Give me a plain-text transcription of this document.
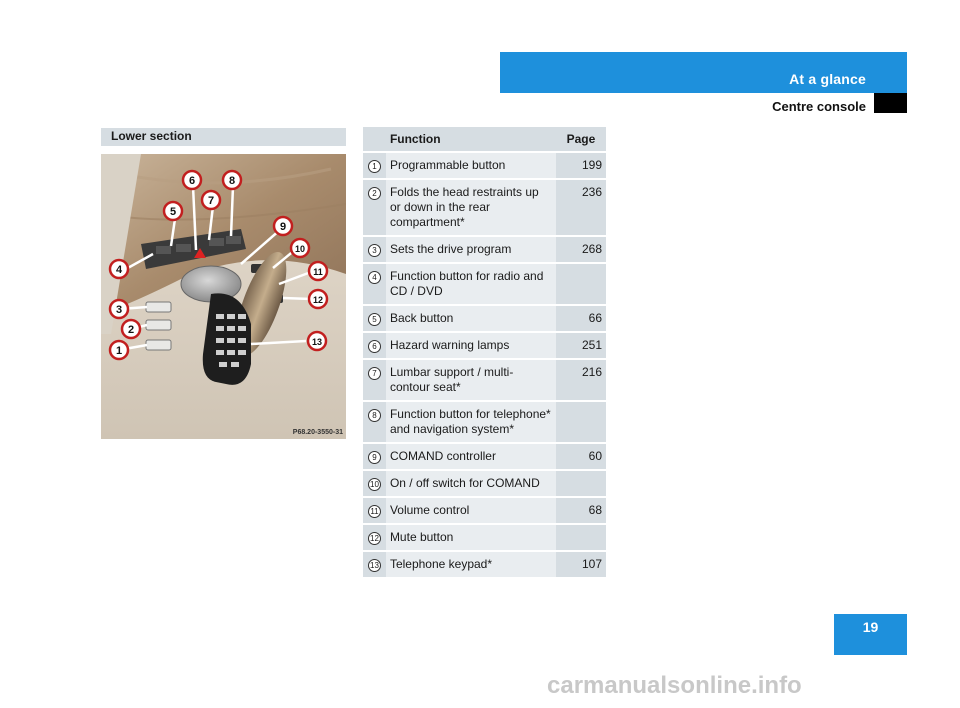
At a glance
Centre console
Lower section
1
2
3
4
5
6
7
8
9
10
11
12
13
P68.20-3550-31
	Function	Page
1	Programmable button	199
2	Folds the head restraints up or down in the rear compartment*	236
3	Sets the drive program	268
4	Function button for radio and CD / DVD	
5	Back button	66
6	Hazard warning lamps	251
7	Lumbar support / multi-contour seat*	216
8	Function button for telephone* and navigation system*	
9	COMAND controller	60
10	On / off switch for COMAND	
11	Volume control	68
12	Mute button	
13	Telephone keypad*	107
19
carmanualsonline.info
